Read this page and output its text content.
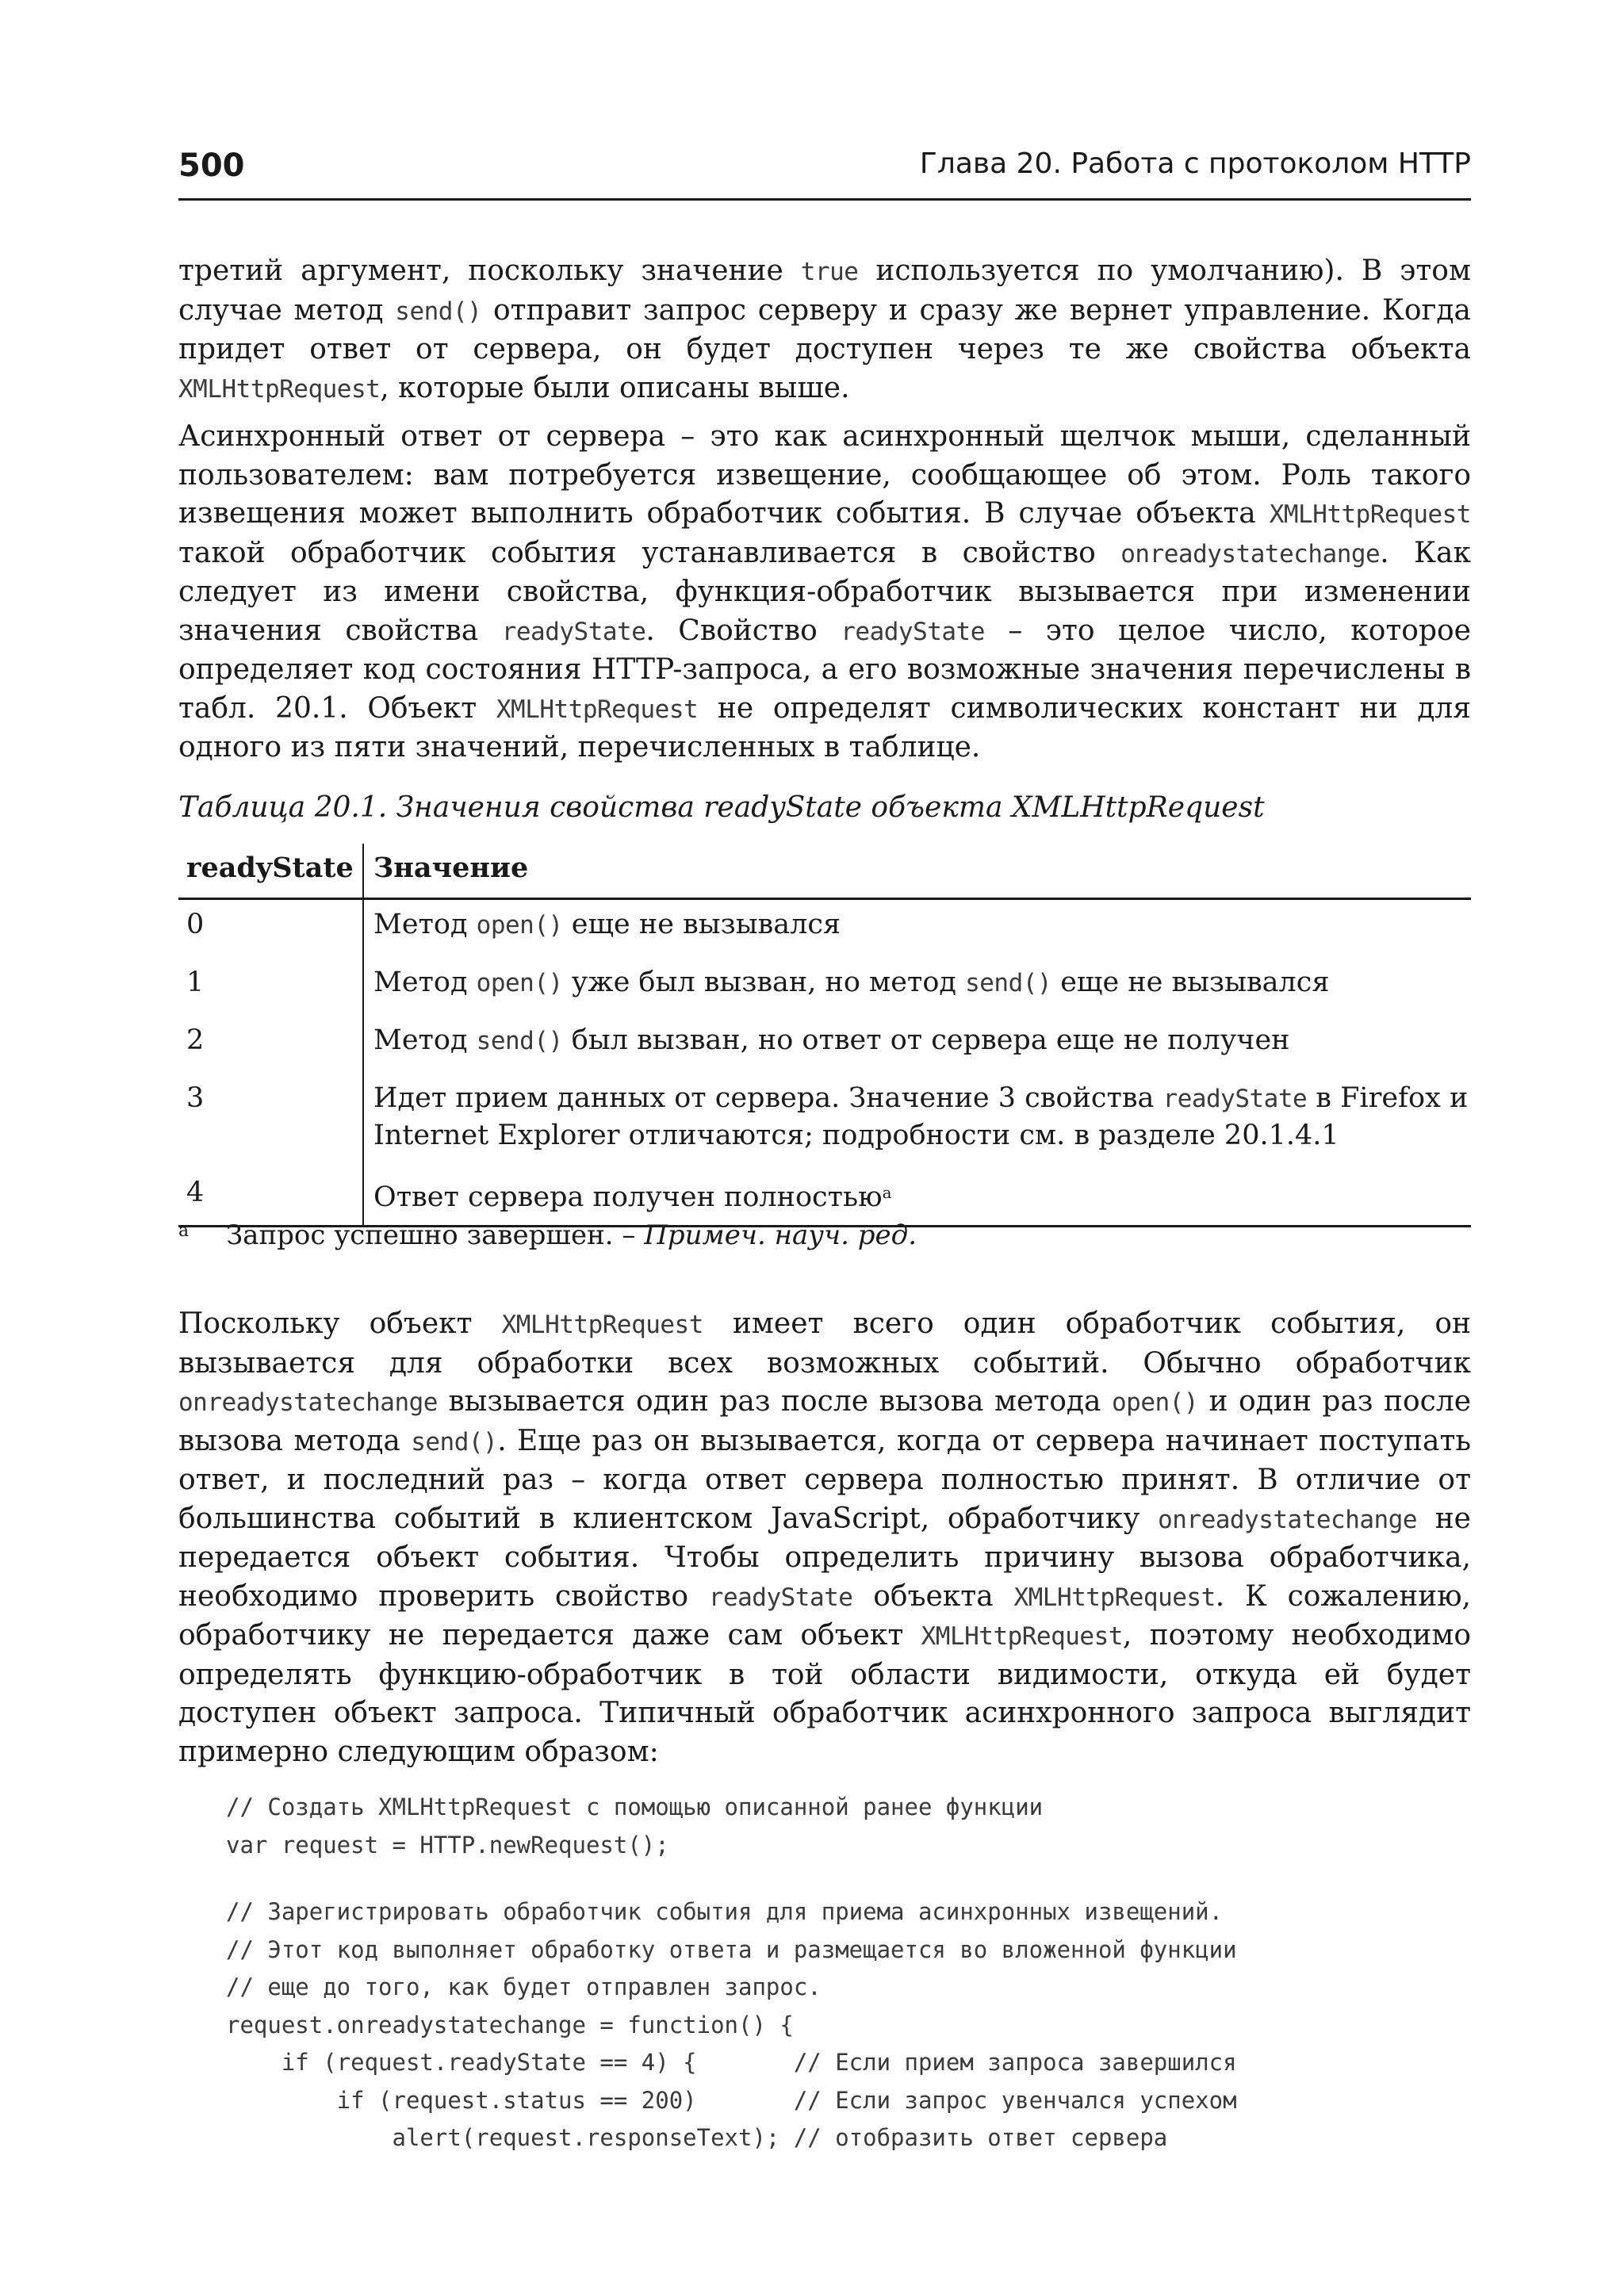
500	Глава 20. Работа с протоколом HTTP

третий аргумент, поскольку значение true используется по умолчанию). В этом случае метод send() отправит запрос серверу и сразу же вернет управление. Когда придет ответ от сервера, он будет доступен через те же свойства объекта XMLHttpRequest, которые были описаны выше.

Асинхронный ответ от сервера – это как асинхронный щелчок мыши, сделанный пользователем: вам потребуется извещение, сообщающее об этом. Роль такого извещения может выполнить обработчик события. В случае объекта XMLHttpRequest такой обработчик события устанавливается в свойство onreadystatechange. Как следует из имени свойства, функция-обработчик вызывается при изменении значения свойства readyState. Свойство readyState – это целое число, которое определяет код состояния HTTP-запроса, а его возможные значения перечислены в табл. 20.1. Объект XMLHttpRequest не определят символических констант ни для одного из пяти значений, перечисленных в таблице.

Таблица 20.1. Значения свойства readyState объекта XMLHttpRequest
readyState	Значение
0	Метод open() еще не вызывался
1	Метод open() уже был вызван, но метод send() еще не вызывался
2	Метод send() был вызван, но ответ от сервера еще не получен
3	Идет прием данных от сервера. Значение 3 свойства readyState в Firefox и Internet Explorer отличаются; подробности см. в разделе 20.1.4.1
4	Ответ сервера получен полностью$^a$
a Запрос успешно завершен. – Примеч. науч. ред.

Поскольку объект XMLHttpRequest имеет всего один обработчик события, он вызывается для обработки всех возможных событий. Обычно обработчик onreadystatechange вызывается один раз после вызова метода open() и один раз после вызова метода send(). Еще раз он вызывается, когда от сервера начинает поступать ответ, и последний раз – когда ответ сервера полностью принят. В отличие от большинства событий в клиентском JavaScript, обработчику onreadystatechange не передается объект события. Чтобы определить причину вызова обработчика, необходимо проверить свойство readyState объекта XMLHttpRequest. К сожалению, обработчику не передается даже сам объект XMLHttpRequest, поэтому необходимо определять функцию-обработчик в той области видимости, откуда ей будет доступен объект запроса. Типичный обработчик асинхронного запроса выглядит примерно следующим образом:

// Создать XMLHttpRequest с помощью описанной ранее функции
var request = HTTP.newRequest();
// Зарегистрировать обработчик события для приема асинхронных извещений.
// Этот код выполняет обработку ответа и размещается во вложенной функции
// еще до того, как будет отправлен запрос.
request.onreadystatechange = function() {
if (request.readyState == 4) {       // Если прием запроса завершился
if (request.status == 200)       // Если запрос увенчался успехом
alert(request.responseText); // отобразить ответ сервера
